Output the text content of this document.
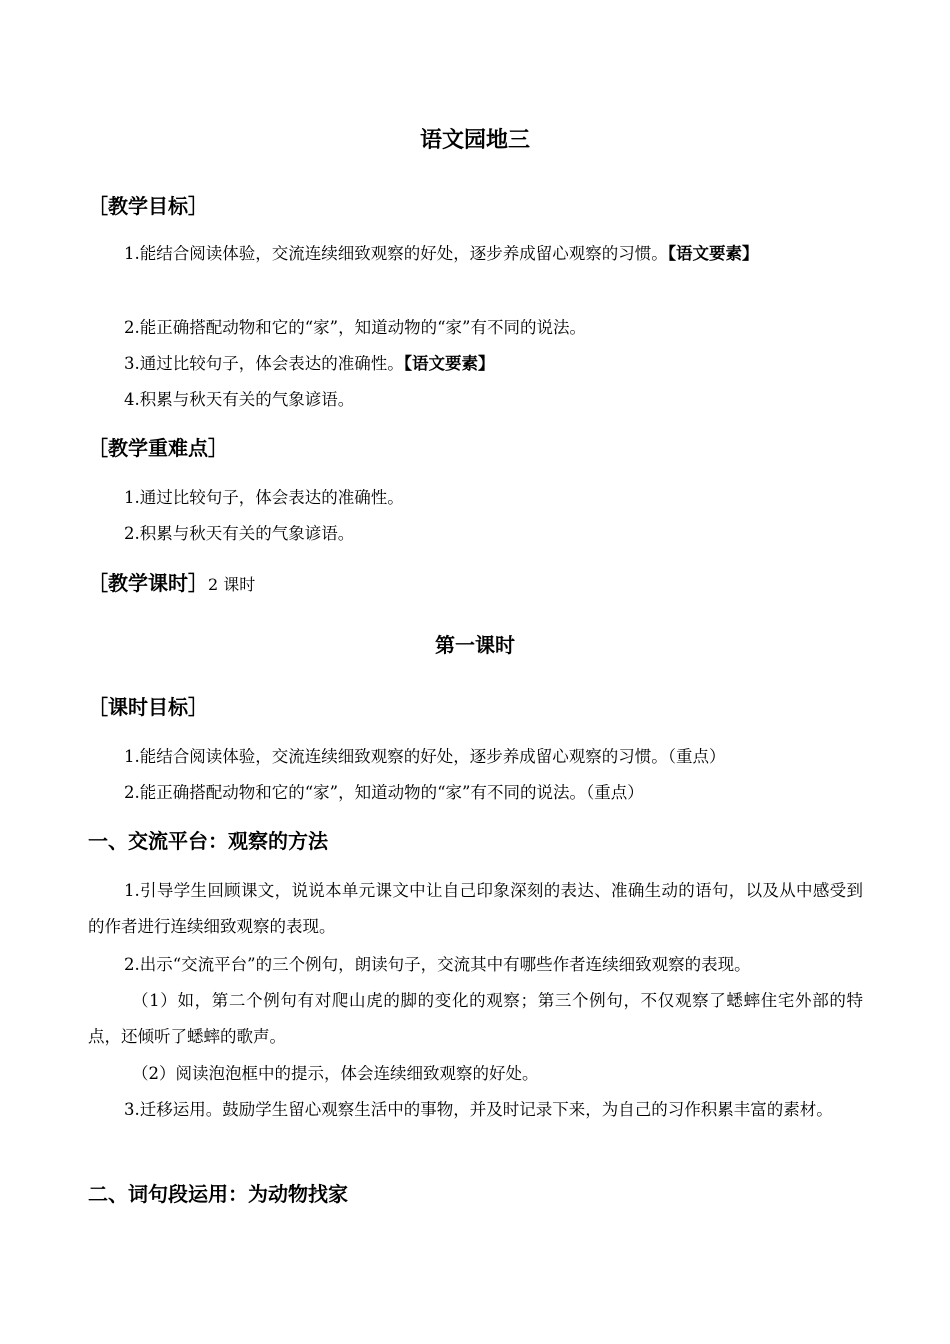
语文园地三
［教学目标］
1.能结合阅读体验，交流连续细致观察的好处，逐步养成留心观察的习惯。【语文要素】
2.能正确搭配动物和它的“家”，知道动物的“家”有不同的说法。
3.通过比较句子，体会表达的准确性。【语文要素】
4.积累与秋天有关的气象谚语。
［教学重难点］
1.通过比较句子，体会表达的准确性。
2.积累与秋天有关的气象谚语。
［教学课时］2 课时
第一课时
［课时目标］
1.能结合阅读体验，交流连续细致观察的好处，逐步养成留心观察的习惯。（重点）
2.能正确搭配动物和它的“家”，知道动物的“家”有不同的说法。（重点）
一、交流平台：观察的方法
1.引导学生回顾课文，说说本单元课文中让自己印象深刻的表达、准确生动的语句，以及从中感受到的作者进行连续细致观察的表现。
2.出示“交流平台”的三个例句，朗读句子，交流其中有哪些作者连续细致观察的表现。
（1）如，第二个例句有对爬山虎的脚的变化的观察；第三个例句，不仅观察了蟋蟀住宅外部的特点，还倾听了蟋蟀的歌声。
（2）阅读泡泡框中的提示，体会连续细致观察的好处。
3.迁移运用。鼓励学生留心观察生活中的事物，并及时记录下来，为自己的习作积累丰富的素材。
二、词句段运用：为动物找家
